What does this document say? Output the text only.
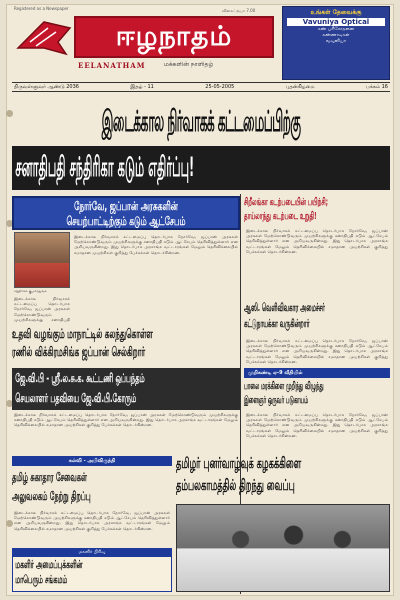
Registered as a Newspaper
ஈழநாதம்
EELANATHAM	மக்களின் நாளிதழ்
விலை: ரூபா 7.00	உங்கள் தேவைக்கு
Vavuniya Optical
கண் பரிசோதனை
கண்ணாடிகள்
வவுனியா
திருவள்ளுவர் ஆண்டு 2036	இதழ் - 11	25-05-2005	புதன்கிழமை	பக்கம் 16
இடைக்கால நிர்வாகக் கட்டமைப்பிற்கு
சனாதிபதி சந்திரிகா கடும் எதிர்ப்பு!
நோர்வே, ஜப்பான் அரசுகளின்
செயற்பாட்டிற்கும் கடும் ஆட்சேபம்
சந்திரிகா குமாரதுங்க
இடைக்கால நிர்வாகக் கட்டமைப்பு தொடர்பாக நோர்வே, ஜப்பான் அரசுகள் மேற்கொண்டுவரும் முயற்சிகளுக்கு சனாதிபதி கடும் ஆட்சேபம் தெரிவித்துள்ளார் என அறியவருகின்றது. இது தொடர்பாக அரசாங்க வட்டாரங்கள் மேலும் தெரிவிக்கையில் சமாதான முயற்சிகள் குறித்து பேச்சுக்கள் தொடர்கின்றன.
இடைக்கால நிர்வாகக் கட்டமைப்பு தொடர்பாக நோர்வே, ஜப்பான் அரசுகள் மேற்கொண்டுவரும் முயற்சிகளுக்கு சனாதிபதி
உதவி வழங்கும் மாநாட்டில் கலந்துகொள்ள
ரணில் விக்கிரமசிங்க ஜப்பான் செல்கிறார்
ஜே.வி.பி - ஸ்ரீ.ல.சு.க. கூட்டணி ஒப்பந்தம்
செயலாளர் பதவியை ஜே.வி.பி.கோரும்
இடைக்கால நிர்வாகக் கட்டமைப்பு தொடர்பாக நோர்வே, ஜப்பான் அரசுகள் மேற்கொண்டுவரும் முயற்சிகளுக்கு சனாதிபதி கடும் ஆட்சேபம் தெரிவித்துள்ளார் என அறியவருகின்றது. இது தொடர்பாக அரசாங்க வட்டாரங்கள் மேலும் தெரிவிக்கையில் சமாதான முயற்சிகள் குறித்து பேச்சுக்கள் தொடர்கின்றன.
கல்வி - அபிவிருத்தி
தமிழ் சுகாதார சேவைகள்
அலுவலகம் நேற்று திறப்பு
இடைக்கால நிர்வாகக் கட்டமைப்பு தொடர்பாக நோர்வே, ஜப்பான் அரசுகள் மேற்கொண்டுவரும் முயற்சிகளுக்கு சனாதிபதி கடும் ஆட்சேபம் தெரிவித்துள்ளார் என அறியவருகின்றது. இது தொடர்பாக அரசாங்க வட்டாரங்கள் மேலும் தெரிவிக்கையில் சமாதான முயற்சிகள் குறித்து பேச்சுக்கள் தொடர்கின்றன.
மகளிர் பிரிவு
மகளிர் அமைப்புக்களின்
மாபெரும் சங்கமம்
சிறீலங்கா கடற்படையின் பயிற்சி;
தாய்லாந்து கடற்படை உறுதி!
இடைக்கால நிர்வாகக் கட்டமைப்பு தொடர்பாக நோர்வே, ஜப்பான் அரசுகள் மேற்கொண்டுவரும் முயற்சிகளுக்கு சனாதிபதி கடும் ஆட்சேபம் தெரிவித்துள்ளார் என அறியவருகின்றது. இது தொடர்பாக அரசாங்க வட்டாரங்கள் மேலும் தெரிவிக்கையில் சமாதான முயற்சிகள் குறித்து பேச்சுக்கள் தொடர்கின்றன.
ஆஸி. வெளிவிவகார அமைச்சர்
கட்டுநாயக்கா வருகின்றார்
இடைக்கால நிர்வாகக் கட்டமைப்பு தொடர்பாக நோர்வே, ஜப்பான் அரசுகள் மேற்கொண்டுவரும் முயற்சிகளுக்கு சனாதிபதி கடும் ஆட்சேபம் தெரிவித்துள்ளார் என அறியவருகின்றது. இது தொடர்பாக அரசாங்க வட்டாரங்கள் மேலும் தெரிவிக்கையில் சமாதான முயற்சிகள் குறித்து பேச்சுக்கள் தொடர்கின்றன.
முறிகண்டி ஏ-9 வீதியில்
பாலை மரக்கிளை முறிந்து விழுந்து
இளைஞர் ஒருவர் படுகாயம்
இடைக்கால நிர்வாகக் கட்டமைப்பு தொடர்பாக நோர்வே, ஜப்பான் அரசுகள் மேற்கொண்டுவரும் முயற்சிகளுக்கு சனாதிபதி கடும் ஆட்சேபம் தெரிவித்துள்ளார் என அறியவருகின்றது. இது தொடர்பாக அரசாங்க வட்டாரங்கள் மேலும் தெரிவிக்கையில் சமாதான முயற்சிகள் குறித்து பேச்சுக்கள் தொடர்கின்றன.
தமிழர் புனர்வாழ்வுக் கழகக்கிளை
தம்பலகாமத்தில் திறந்து வைப்பு
